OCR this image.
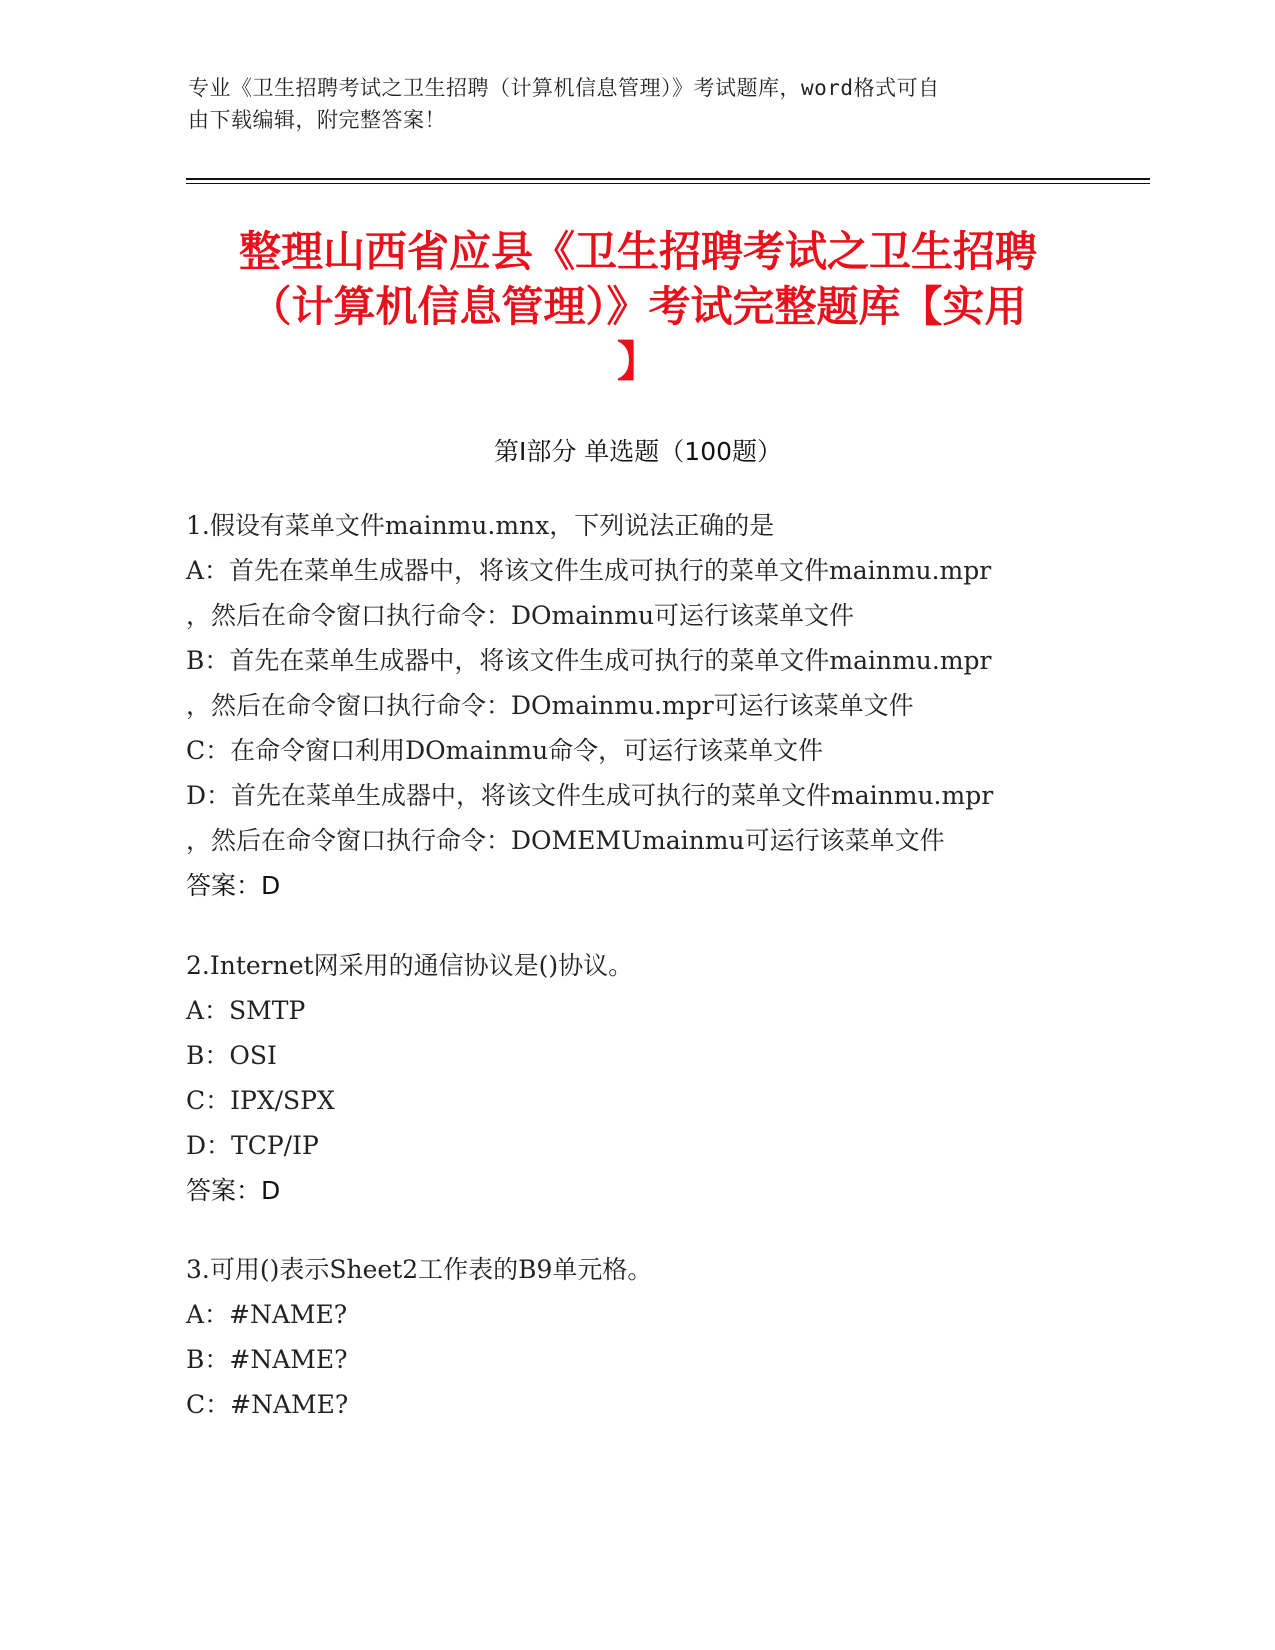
专业《卫生招聘考试之卫生招聘（计算机信息管理）》考试题库，word格式可自
由下载编辑，附完整答案！
整理山西省应县《卫生招聘考试之卫生招聘
（计算机信息管理）》考试完整题库【实用
】
第Ⅰ部分 单选题（100题）
1.假设有菜单文件mainmu.mnx，下列说法正确的是
A：首先在菜单生成器中，将该文件生成可执行的菜单文件mainmu.mpr
，然后在命令窗口执行命令：DOmainmu可运行该菜单文件
B：首先在菜单生成器中，将该文件生成可执行的菜单文件mainmu.mpr
，然后在命令窗口执行命令：DOmainmu.mpr可运行该菜单文件
C：在命令窗口利用DOmainmu命令，可运行该菜单文件
D：首先在菜单生成器中，将该文件生成可执行的菜单文件mainmu.mpr
，然后在命令窗口执行命令：DOMEMUmainmu可运行该菜单文件
答案：D
2.Internet网采用的通信协议是()协议。
A：SMTP
B：OSI
C：IPX/SPX
D：TCP/IP
答案：D
3.可用()表示Sheet2工作表的B9单元格。
A：#NAME?
B：#NAME?
C：#NAME?
